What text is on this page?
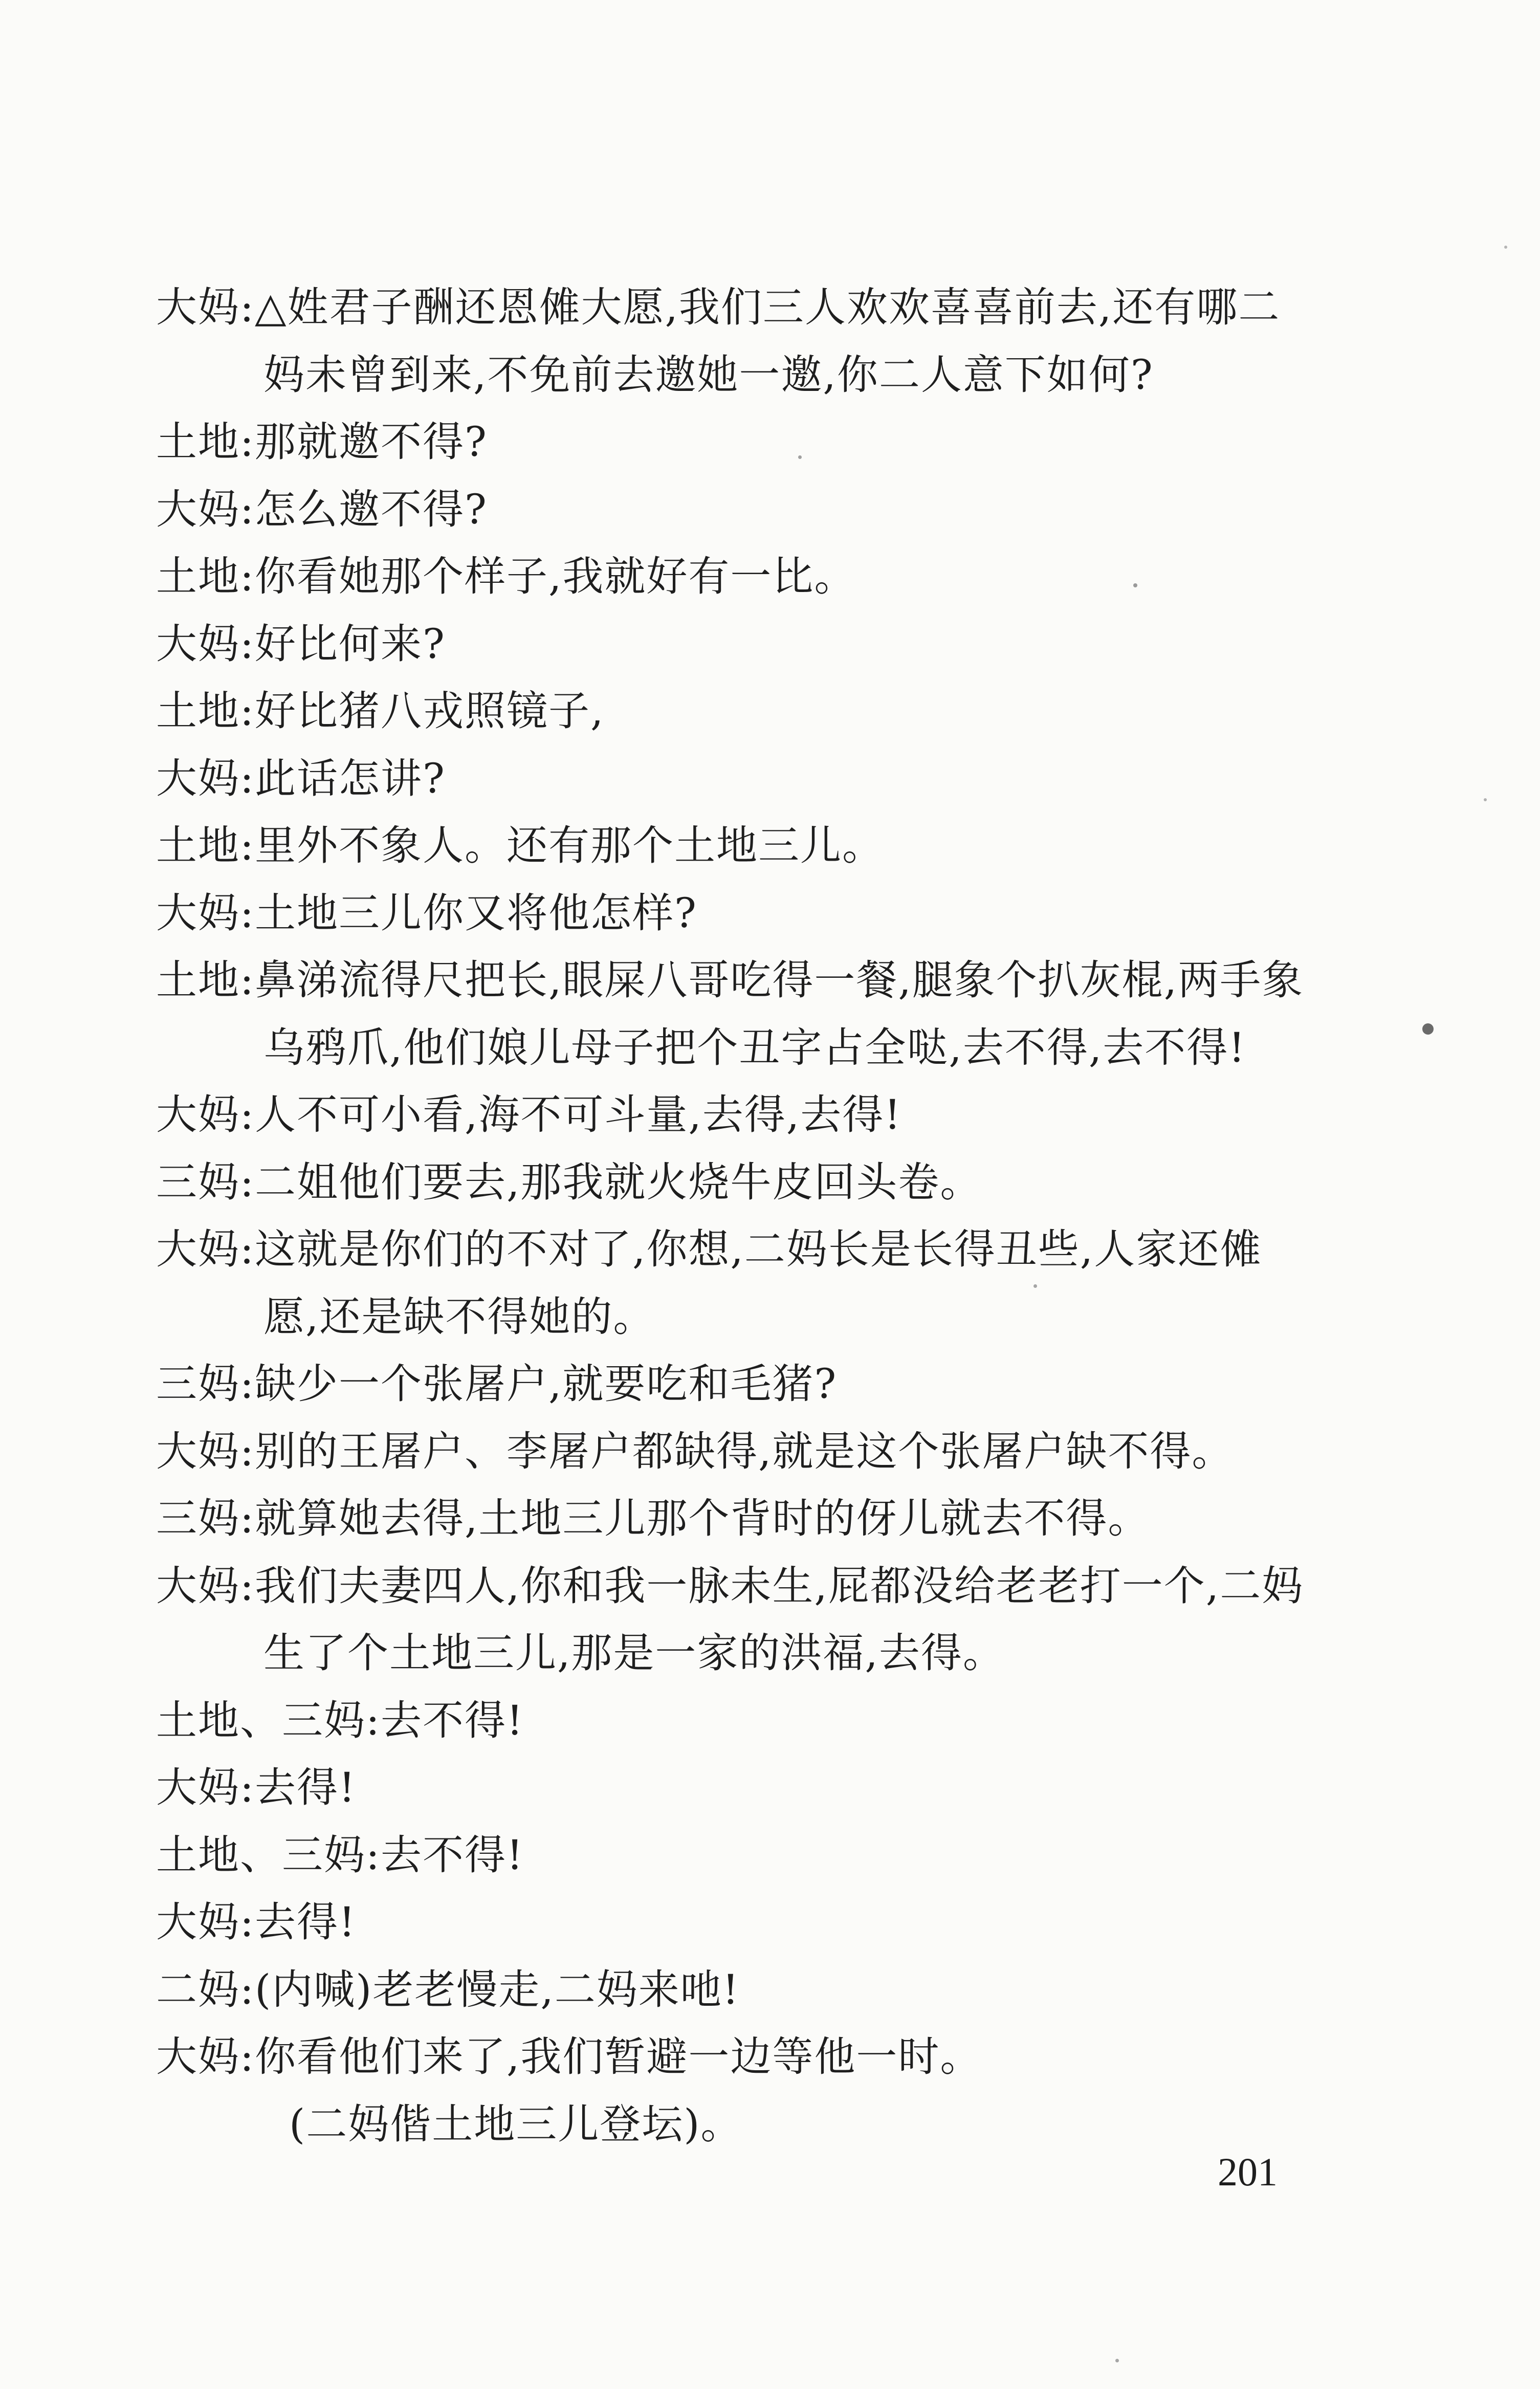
大妈:△姓君子酬还恩傩大愿,我们三人欢欢喜喜前去,还有哪二
妈未曾到来,不免前去邀她一邀,你二人意下如何?
土地:那就邀不得?
大妈:怎么邀不得?
土地:你看她那个样子,我就好有一比。
大妈:好比何来?
土地:好比猪八戎照镜子,
大妈:此话怎讲?
土地:里外不象人。还有那个土地三儿。
大妈:土地三儿你又将他怎样?
土地:鼻涕流得尺把长,眼屎八哥吃得一餐,腿象个扒灰棍,两手象
乌鸦爪,他们娘儿母子把个丑字占全哒,去不得,去不得!
大妈:人不可小看,海不可斗量,去得,去得!
三妈:二姐他们要去,那我就火烧牛皮回头卷。
大妈:这就是你们的不对了,你想,二妈长是长得丑些,人家还傩
愿,还是缺不得她的。
三妈:缺少一个张屠户,就要吃和毛猪?
大妈:别的王屠户、李屠户都缺得,就是这个张屠户缺不得。
三妈:就算她去得,土地三儿那个背时的伢儿就去不得。
大妈:我们夫妻四人,你和我一脉未生,屁都没给老老打一个,二妈
生了个土地三儿,那是一家的洪福,去得。
土地、三妈:去不得!
大妈:去得!
土地、三妈:去不得!
大妈:去得!
二妈:(内喊)老老慢走,二妈来吔!
大妈:你看他们来了,我们暂避一边等他一时。
(二妈偕土地三儿登坛)。
201
